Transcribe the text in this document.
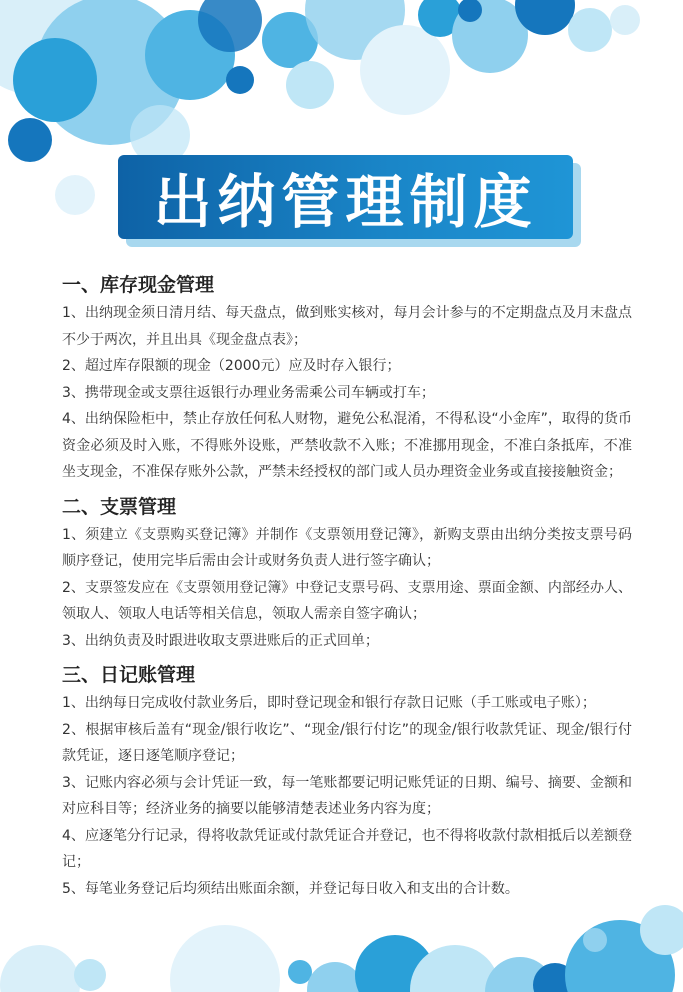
出纳管理制度
一、库存现金管理

1、出纳现金须日清月结、每天盘点，做到账实核对，每月会计参与的不定期盘点及月末盘点不少于两次，并且出具《现金盘点表》；

2、超过库存限额的现金（2000元）应及时存入银行；

3、携带现金或支票往返银行办理业务需乘公司车辆或打车；

4、出纳保险柜中，禁止存放任何私人财物，避免公私混淆，不得私设“小金库”，取得的货币资金必须及时入账，不得账外设账，严禁收款不入账；不准挪用现金，不准白条抵库，不准坐支现金，不准保存账外公款，严禁未经授权的部门或人员办理资金业务或直接接触资金；

二、支票管理

1、须建立《支票购买登记簿》并制作《支票领用登记簿》，新购支票由出纳分类按支票号码顺序登记，使用完毕后需由会计或财务负责人进行签字确认；

2、支票签发应在《支票领用登记簿》中登记支票号码、支票用途、票面金额、内部经办人、领取人、领取人电话等相关信息，领取人需亲自签字确认；

3、出纳负责及时跟进收取支票进账后的正式回单；

三、日记账管理

1、出纳每日完成收付款业务后，即时登记现金和银行存款日记账（手工账或电子账）；

2、根据审核后盖有“现金/银行收讫”、“现金/银行付讫”的现金/银行收款凭证、现金/银行付款凭证，逐日逐笔顺序登记；

3、记账内容必须与会计凭证一致，每一笔账都要记明记账凭证的日期、编号、摘要、金额和对应科目等；经济业务的摘要以能够清楚表述业务内容为度；

4、应逐笔分行记录，得将收款凭证或付款凭证合并登记，也不得将收款付款相抵后以差额登记；

5、每笔业务登记后均须结出账面余额，并登记每日收入和支出的合计数。
